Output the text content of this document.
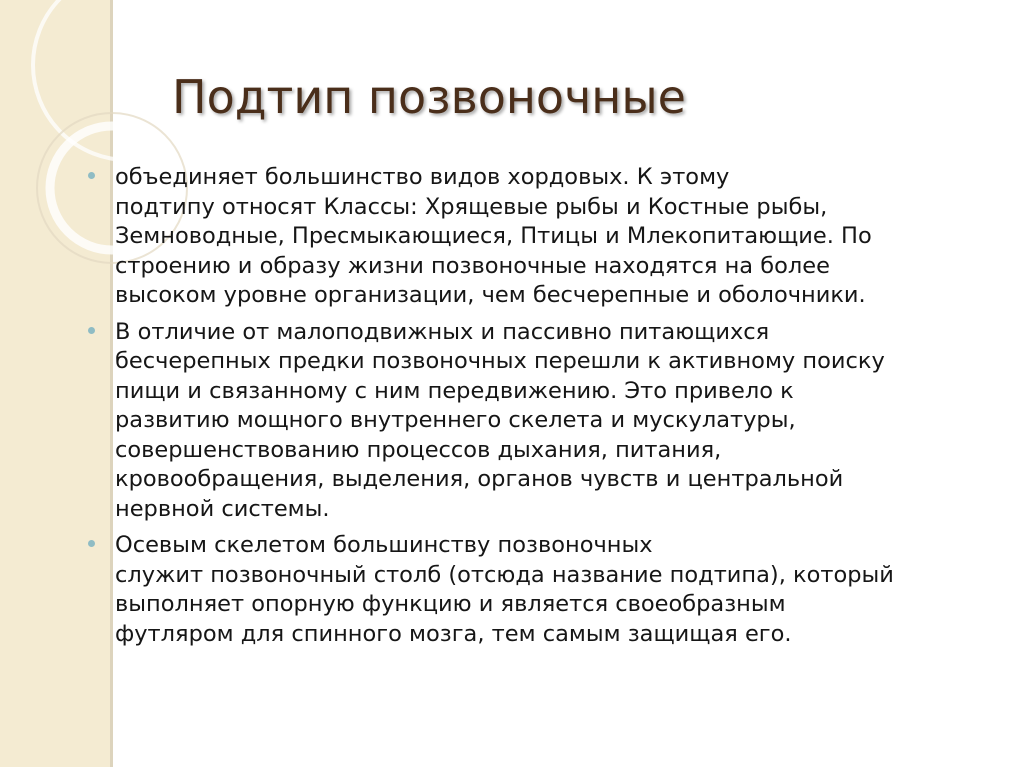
Подтип позвоночные
объединяет большинство видов хордовых. К этому
подтипу относят Классы: Хрящевые рыбы и Костные рыбы,
Земноводные, Пресмыкающиеся, Птицы и Млекопитающие. По
строению и образу жизни позвоночные находятся на более
высоком уровне организации, чем бесчерепные и оболочники.
В отличие от малоподвижных и пассивно питающихся
бесчерепных предки позвоночных перешли к активному поиску
пищи и связанному с ним передвижению. Это привело к
развитию мощного внутреннего скелета и мускулатуры,
совершенствованию процессов дыхания, питания,
кровообращения, выделения, органов чувств и центральной
нервной системы.
Осевым скелетом большинству позвоночных
служит позвоночный столб (отсюда название подтипа), который
выполняет опорную функцию и является своеобразным
футляром для спинного мозга, тем самым защищая его.
